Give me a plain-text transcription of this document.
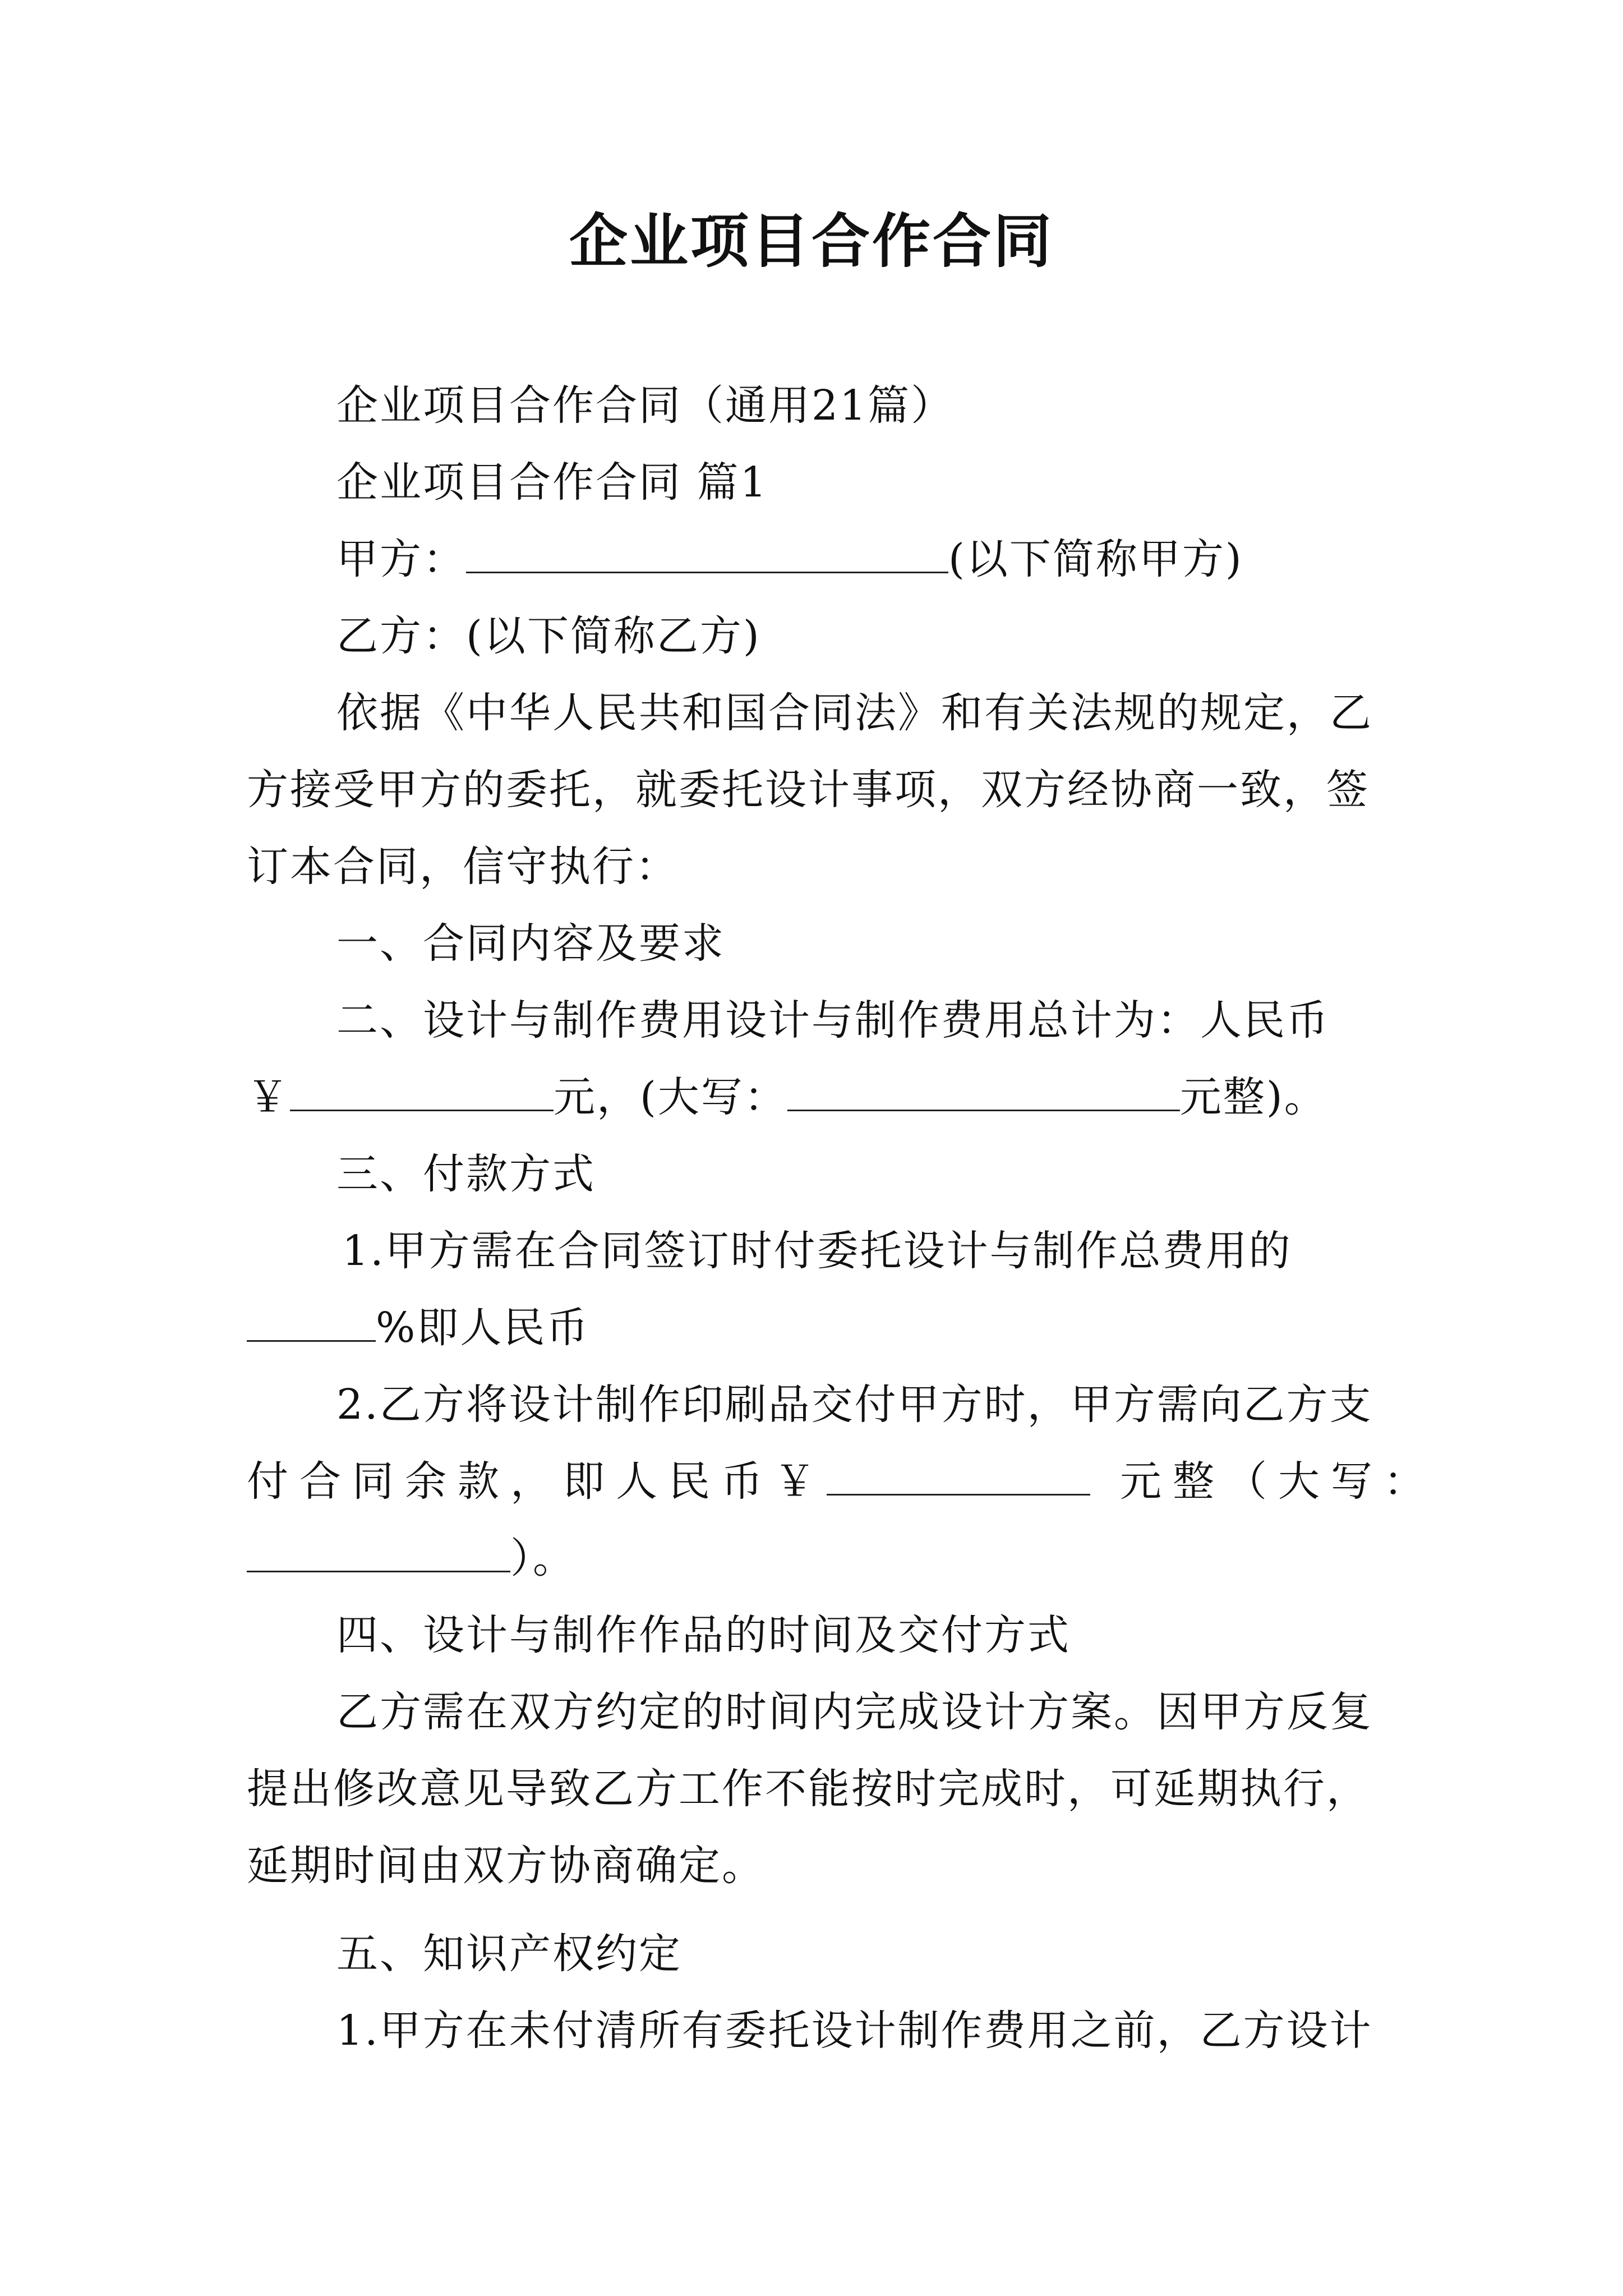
企业项目合作合同

企业项目合作合同（通用21篇）

企业项目合作合同 篇1

甲方：	(以下简称甲方)

乙方：(以下简称乙方)

依据《中华人民共和国合同法》和有关法规的规定，乙

方接受甲方的委托，就委托设计事项，双方经协商一致，签

订本合同，信守执行：

一、合同内容及要求

二、设计与制作费用设计与制作费用总计为：人民币

￥	元，(大写：	元整)。

三、付款方式

1.甲方需在合同签订时付委托设计与制作总费用的

%即人民币

2.乙方将设计制作印刷品交付甲方时，甲方需向乙方支

付合同余款，即人民币￥	元整（大写：

）。

四、设计与制作作品的时间及交付方式

乙方需在双方约定的时间内完成设计方案。因甲方反复

提出修改意见导致乙方工作不能按时完成时，可延期执行，

延期时间由双方协商确定。

五、知识产权约定

1.甲方在未付清所有委托设计制作费用之前，乙方设计
